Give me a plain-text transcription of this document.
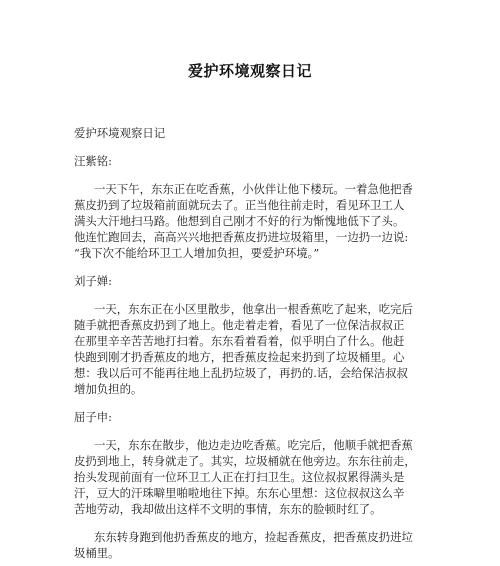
爱护环境观察日记
爱护环境观察日记
汪紫铭:
一天下午，东东正在吃香蕉，小伙伴让他下楼玩。一着急他把香
蕉皮扔到了垃圾箱前面就玩去了。正当他往前走时，看见环卫工人
满头大汗地扫马路。他想到自己刚才不好的行为惭愧地低下了头。
他连忙跑回去，高高兴兴地把香蕉皮扔进垃圾箱里，一边扔一边说:
“我下次不能给环卫工人增加负担，要爱护环境。”
刘子婵:
一天，东东正在小区里散步，他拿出一根香蕉吃了起来，吃完后
随手就把香蕉皮扔到了地上。他走着走着，看见了一位保洁叔叔正
在那里辛辛苦苦地打扫着。东东看着看着，似乎明白了什么。他赶
快跑到刚才扔香蕉皮的地方，把香蕉皮捡起来扔到了垃圾桶里。心
想：我以后可不能再往地上乱扔垃圾了，再扔的.话，会给保洁叔叔
增加负担的。
屈子申:
一天，东东在散步，他边走边吃香蕉。吃完后，他顺手就把香蕉
皮扔到地上，转身就走了。其实，垃圾桶就在他旁边。东东往前走，
抬头发现前面有一位环卫工人正在打扫卫生。这位叔叔累得满头是
汗，豆大的汗珠噼里啪啦地往下掉。东东心里想：这位叔叔这么辛
苦地劳动，我却做出这样不文明的事情，东东的脸顿时红了。
东东转身跑到他扔香蕉皮的地方，捡起香蕉皮，把香蕉皮扔进垃
圾桶里。
